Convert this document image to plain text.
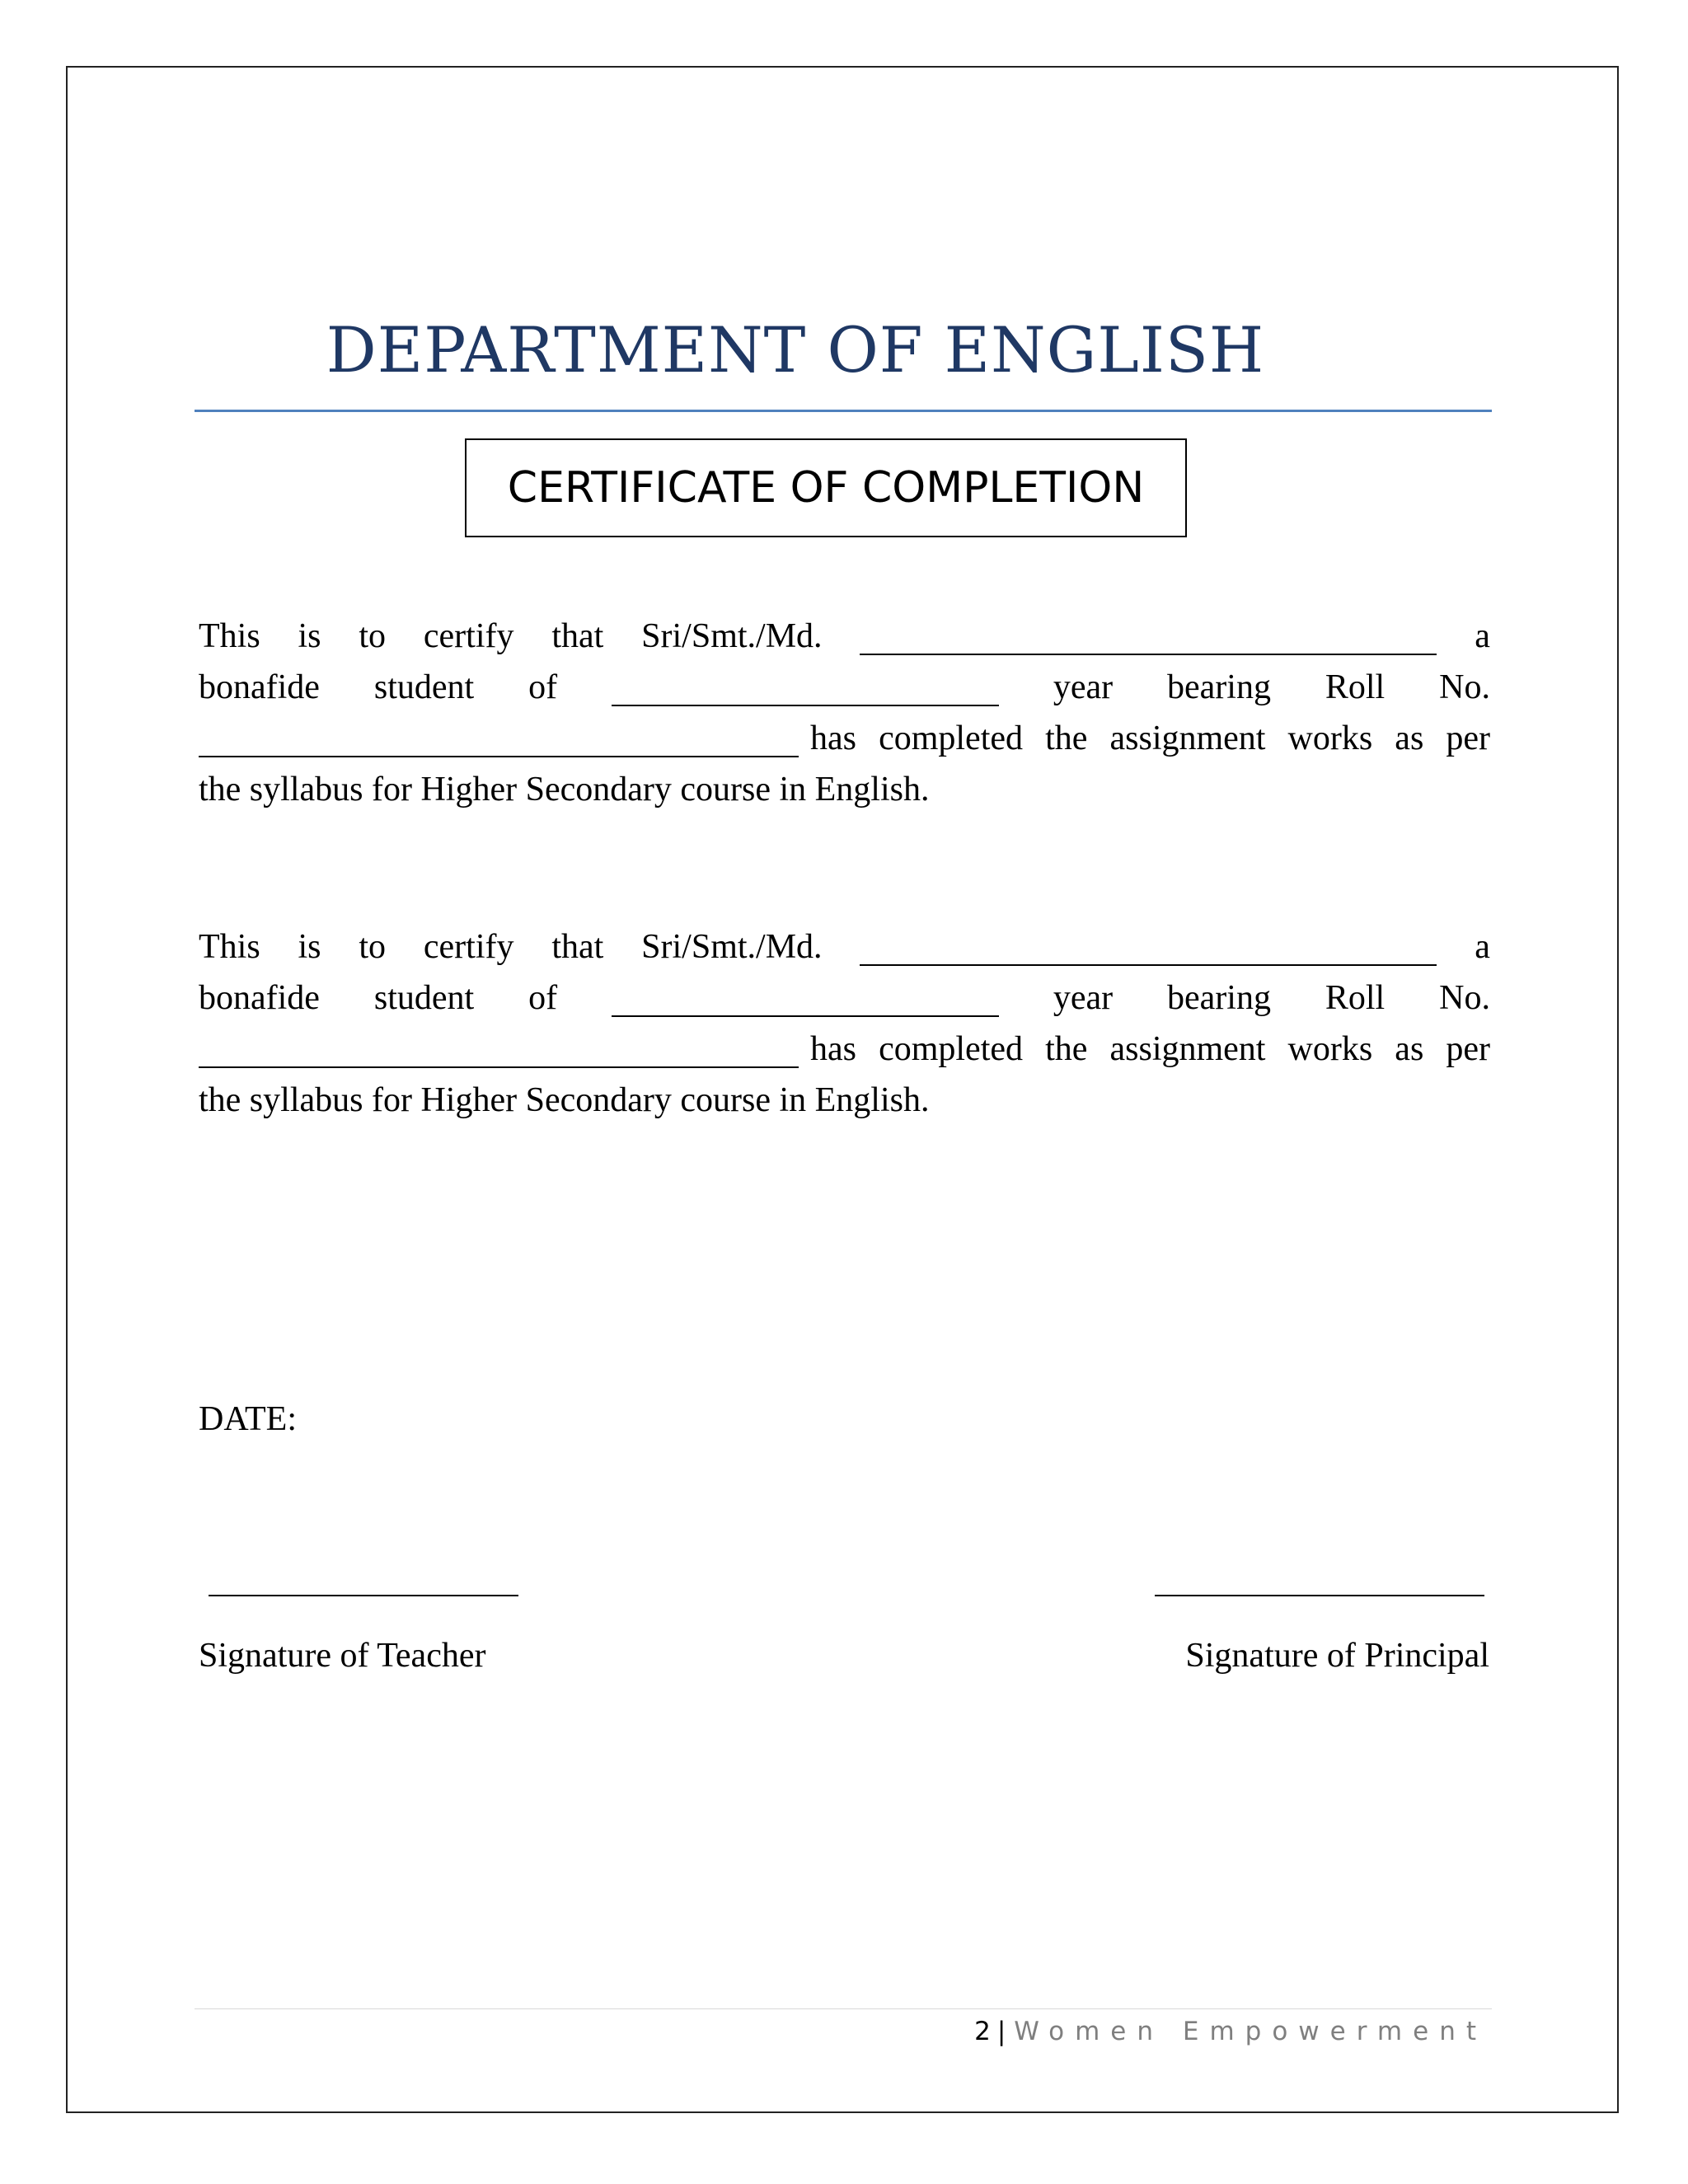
DEPARTMENT OF ENGLISH
CERTIFICATE OF COMPLETION
This is to certify that Sri/Smt./Md.	a
bonafide student of	year bearing Roll No.
has completed the assignment works as per
the syllabus for Higher Secondary course in English.
This is to certify that Sri/Smt./Md.	a
bonafide student of	year bearing Roll No.
has completed the assignment works as per
the syllabus for Higher Secondary course in English.
DATE:
Signature of Teacher	Signature of Principal
2 | Women Empowerment
